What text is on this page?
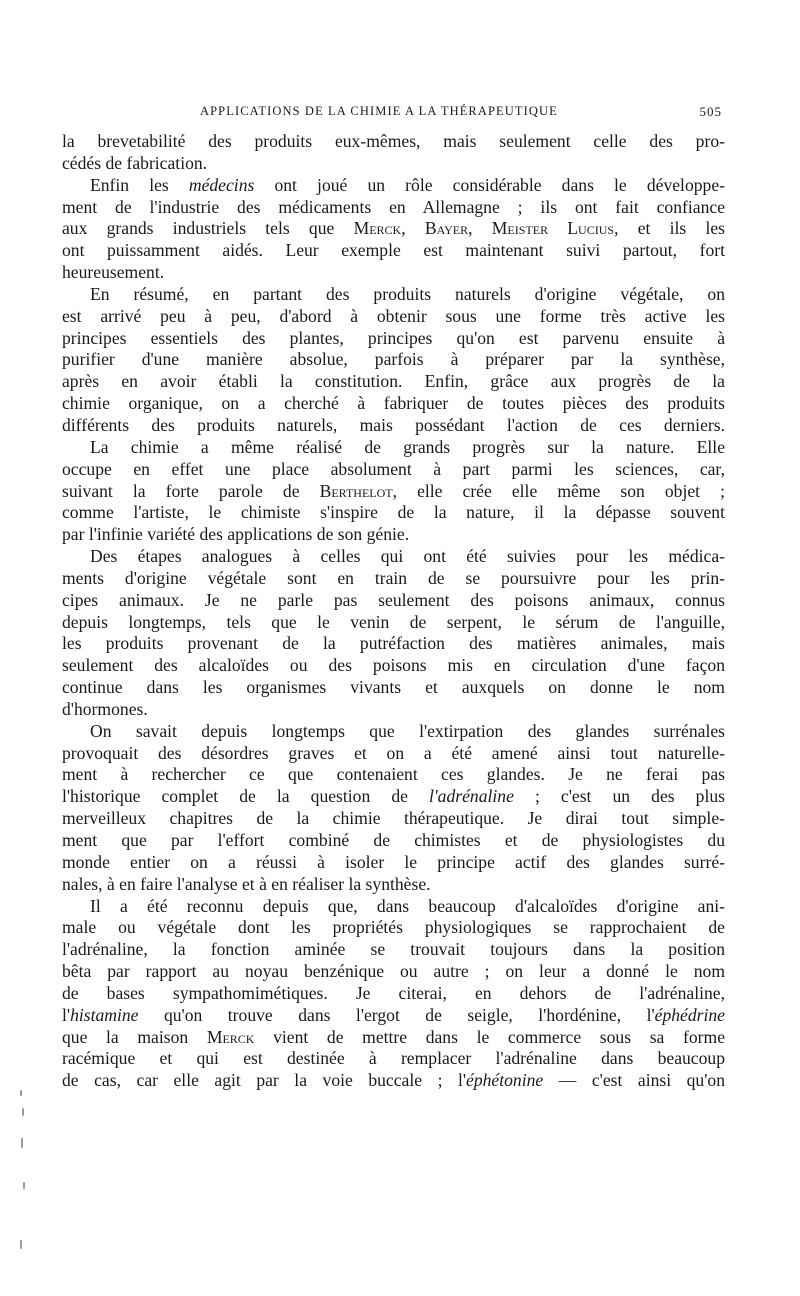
APPLICATIONS DE LA CHIMIE A LA THÉRAPEUTIQUE	505
la brevetabilité des produits eux-mêmes, mais seulement celle des pro-
cédés de fabrication.
Enfin les médecins ont joué un rôle considérable dans le développe-
ment de l'industrie des médicaments en Allemagne ; ils ont fait confiance
aux grands industriels tels que Merck, Bayer, Meister Lucius, et ils les
ont puissamment aidés. Leur exemple est maintenant suivi partout, fort
heureusement.
En résumé, en partant des produits naturels d'origine végétale, on
est arrivé peu à peu, d'abord à obtenir sous une forme très active les
principes essentiels des plantes, principes qu'on est parvenu ensuite à
purifier d'une manière absolue, parfois à préparer par la synthèse,
après en avoir établi la constitution. Enfin, grâce aux progrès de la
chimie organique, on a cherché à fabriquer de toutes pièces des produits
différents des produits naturels, mais possédant l'action de ces derniers.
La chimie a même réalisé de grands progrès sur la nature. Elle
occupe en effet une place absolument à part parmi les sciences, car,
suivant la forte parole de Berthelot, elle crée elle même son objet ;
comme l'artiste, le chimiste s'inspire de la nature, il la dépasse souvent
par l'infinie variété des applications de son génie.
Des étapes analogues à celles qui ont été suivies pour les médica-
ments d'origine végétale sont en train de se poursuivre pour les prin-
cipes animaux. Je ne parle pas seulement des poisons animaux, connus
depuis longtemps, tels que le venin de serpent, le sérum de l'anguille,
les produits provenant de la putréfaction des matières animales, mais
seulement des alcaloïdes ou des poisons mis en circulation d'une façon
continue dans les organismes vivants et auxquels on donne le nom
d'hormones.
On savait depuis longtemps que l'extirpation des glandes surrénales
provoquait des désordres graves et on a été amené ainsi tout naturelle-
ment à rechercher ce que contenaient ces glandes. Je ne ferai pas
l'historique complet de la question de l'adrénaline ; c'est un des plus
merveilleux chapitres de la chimie thérapeutique. Je dirai tout simple-
ment que par l'effort combiné de chimistes et de physiologistes du
monde entier on a réussi à isoler le principe actif des glandes surré-
nales, à en faire l'analyse et à en réaliser la synthèse.
Il a été reconnu depuis que, dans beaucoup d'alcaloïdes d'origine ani-
male ou végétale dont les propriétés physiologiques se rapprochaient de
l'adrénaline, la fonction aminée se trouvait toujours dans la position
bêta par rapport au noyau benzénique ou autre ; on leur a donné le nom
de bases sympathomimétiques. Je citerai, en dehors de l'adrénaline,
l'histamine qu'on trouve dans l'ergot de seigle, l'hordénine, l'éphédrine
que la maison Merck vient de mettre dans le commerce sous sa forme
racémique et qui est destinée à remplacer l'adrénaline dans beaucoup
de cas, car elle agit par la voie buccale ; l'éphétonine — c'est ainsi qu'on
